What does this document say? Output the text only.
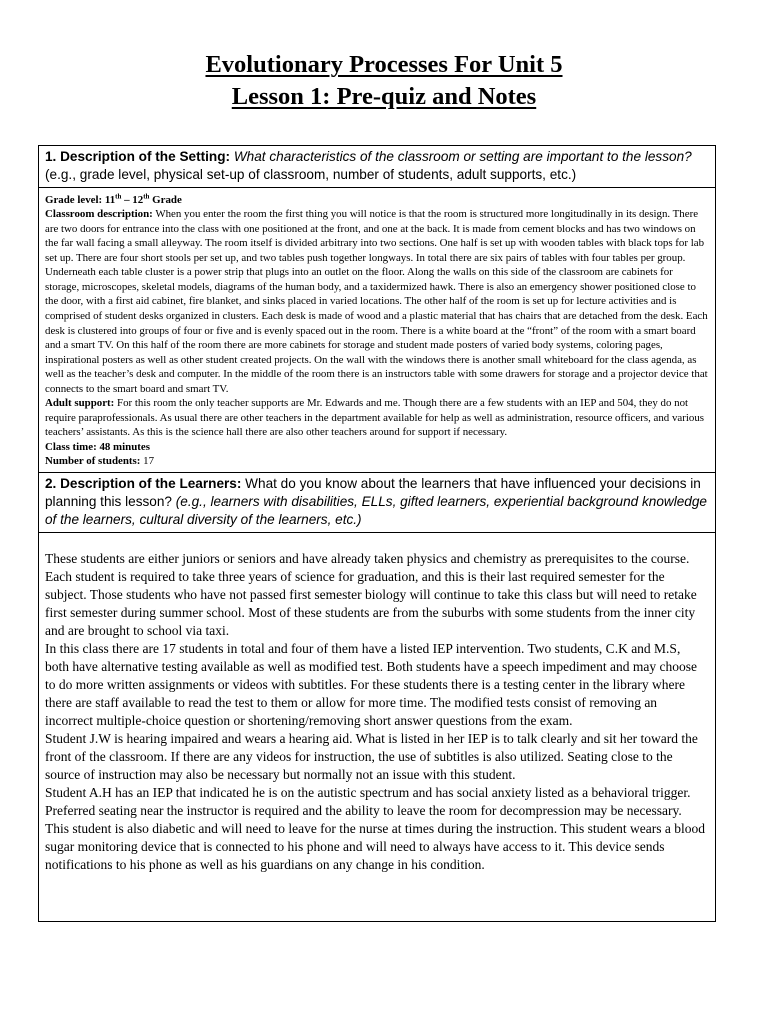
Evolutionary Processes For Unit 5
Lesson 1: Pre-quiz and Notes
1. Description of the Setting: What characteristics of the classroom or setting are important to the lesson? (e.g., grade level, physical set-up of classroom, number of students, adult supports, etc.)
Grade level: 11th – 12th Grade
Classroom description: When you enter the room the first thing you will notice is that the room is structured more longitudinally in its design. There are two doors for entrance into the class with one positioned at the front, and one at the back. It is made from cement blocks and has two windows on the far wall facing a small alleyway. The room itself is divided arbitrary into two sections. One half is set up with wooden tables with black tops for lab set up. There are four short stools per set up, and two tables push together longways. In total there are six pairs of tables with four tables per group. Underneath each table cluster is a power strip that plugs into an outlet on the floor. Along the walls on this side of the classroom are cabinets for storage, microscopes, skeletal models, diagrams of the human body, and a taxidermized hawk. There is also an emergency shower positioned close to the door, with a first aid cabinet, fire blanket, and sinks placed in varied locations. The other half of the room is set up for lecture activities and is comprised of student desks organized in clusters. Each desk is made of wood and a plastic material that has chairs that are detached from the desk. Each desk is clustered into groups of four or five and is evenly spaced out in the room. There is a white board at the “front” of the room with a smart board and a smart TV. On this half of the room there are more cabinets for storage and student made posters of varied body systems, coloring pages, inspirational posters as well as other student created projects. On the wall with the windows there is another small whiteboard for the class agenda, as well as the teacher’s desk and computer. In the middle of the room there is an instructors table with some drawers for storage and a projector device that connects to the smart board and smart TV.
Adult support: For this room the only teacher supports are Mr. Edwards and me. Though there are a few students with an IEP and 504, they do not require paraprofessionals. As usual there are other teachers in the department available for help as well as administration, resource officers, and various teachers’ assistants. As this is the science hall there are also other teachers around for support if necessary.
Class time: 48 minutes
Number of students: 17
2. Description of the Learners: What do you know about the learners that have influenced your decisions in planning this lesson? (e.g., learners with disabilities, ELLs, gifted learners, experiential background knowledge of the learners, cultural diversity of the learners, etc.)

These students are either juniors or seniors and have already taken physics and chemistry as prerequisites to the course. Each student is required to take three years of science for graduation, and this is their last required semester for the subject. Those students who have not passed first semester biology will continue to take this class but will need to retake first semester during summer school. Most of these students are from the suburbs with some students from the inner city and are brought to school via taxi.

In this class there are 17 students in total and four of them have a listed IEP intervention. Two students, C.K and M.S, both have alternative testing available as well as modified test. Both students have a speech impediment and may choose to do more written assignments or videos with subtitles. For these students there is a testing center in the library where there are staff available to read the test to them or allow for more time. The modified tests consist of removing an incorrect multiple-choice question or shortening/removing short answer questions from the exam.

Student J.W is hearing impaired and wears a hearing aid. What is listed in her IEP is to talk clearly and sit her toward the front of the classroom. If there are any videos for instruction, the use of subtitles is also utilized. Seating close to the source of instruction may also be necessary but normally not an issue with this student.

Student A.H has an IEP that indicated he is on the autistic spectrum and has social anxiety listed as a behavioral trigger. Preferred seating near the instructor is required and the ability to leave the room for decompression may be necessary. This student is also diabetic and will need to leave for the nurse at times during the instruction. This student wears a blood sugar monitoring device that is connected to his phone and will need to always have access to it. This device sends notifications to his phone as well as his guardians on any change in his condition.
